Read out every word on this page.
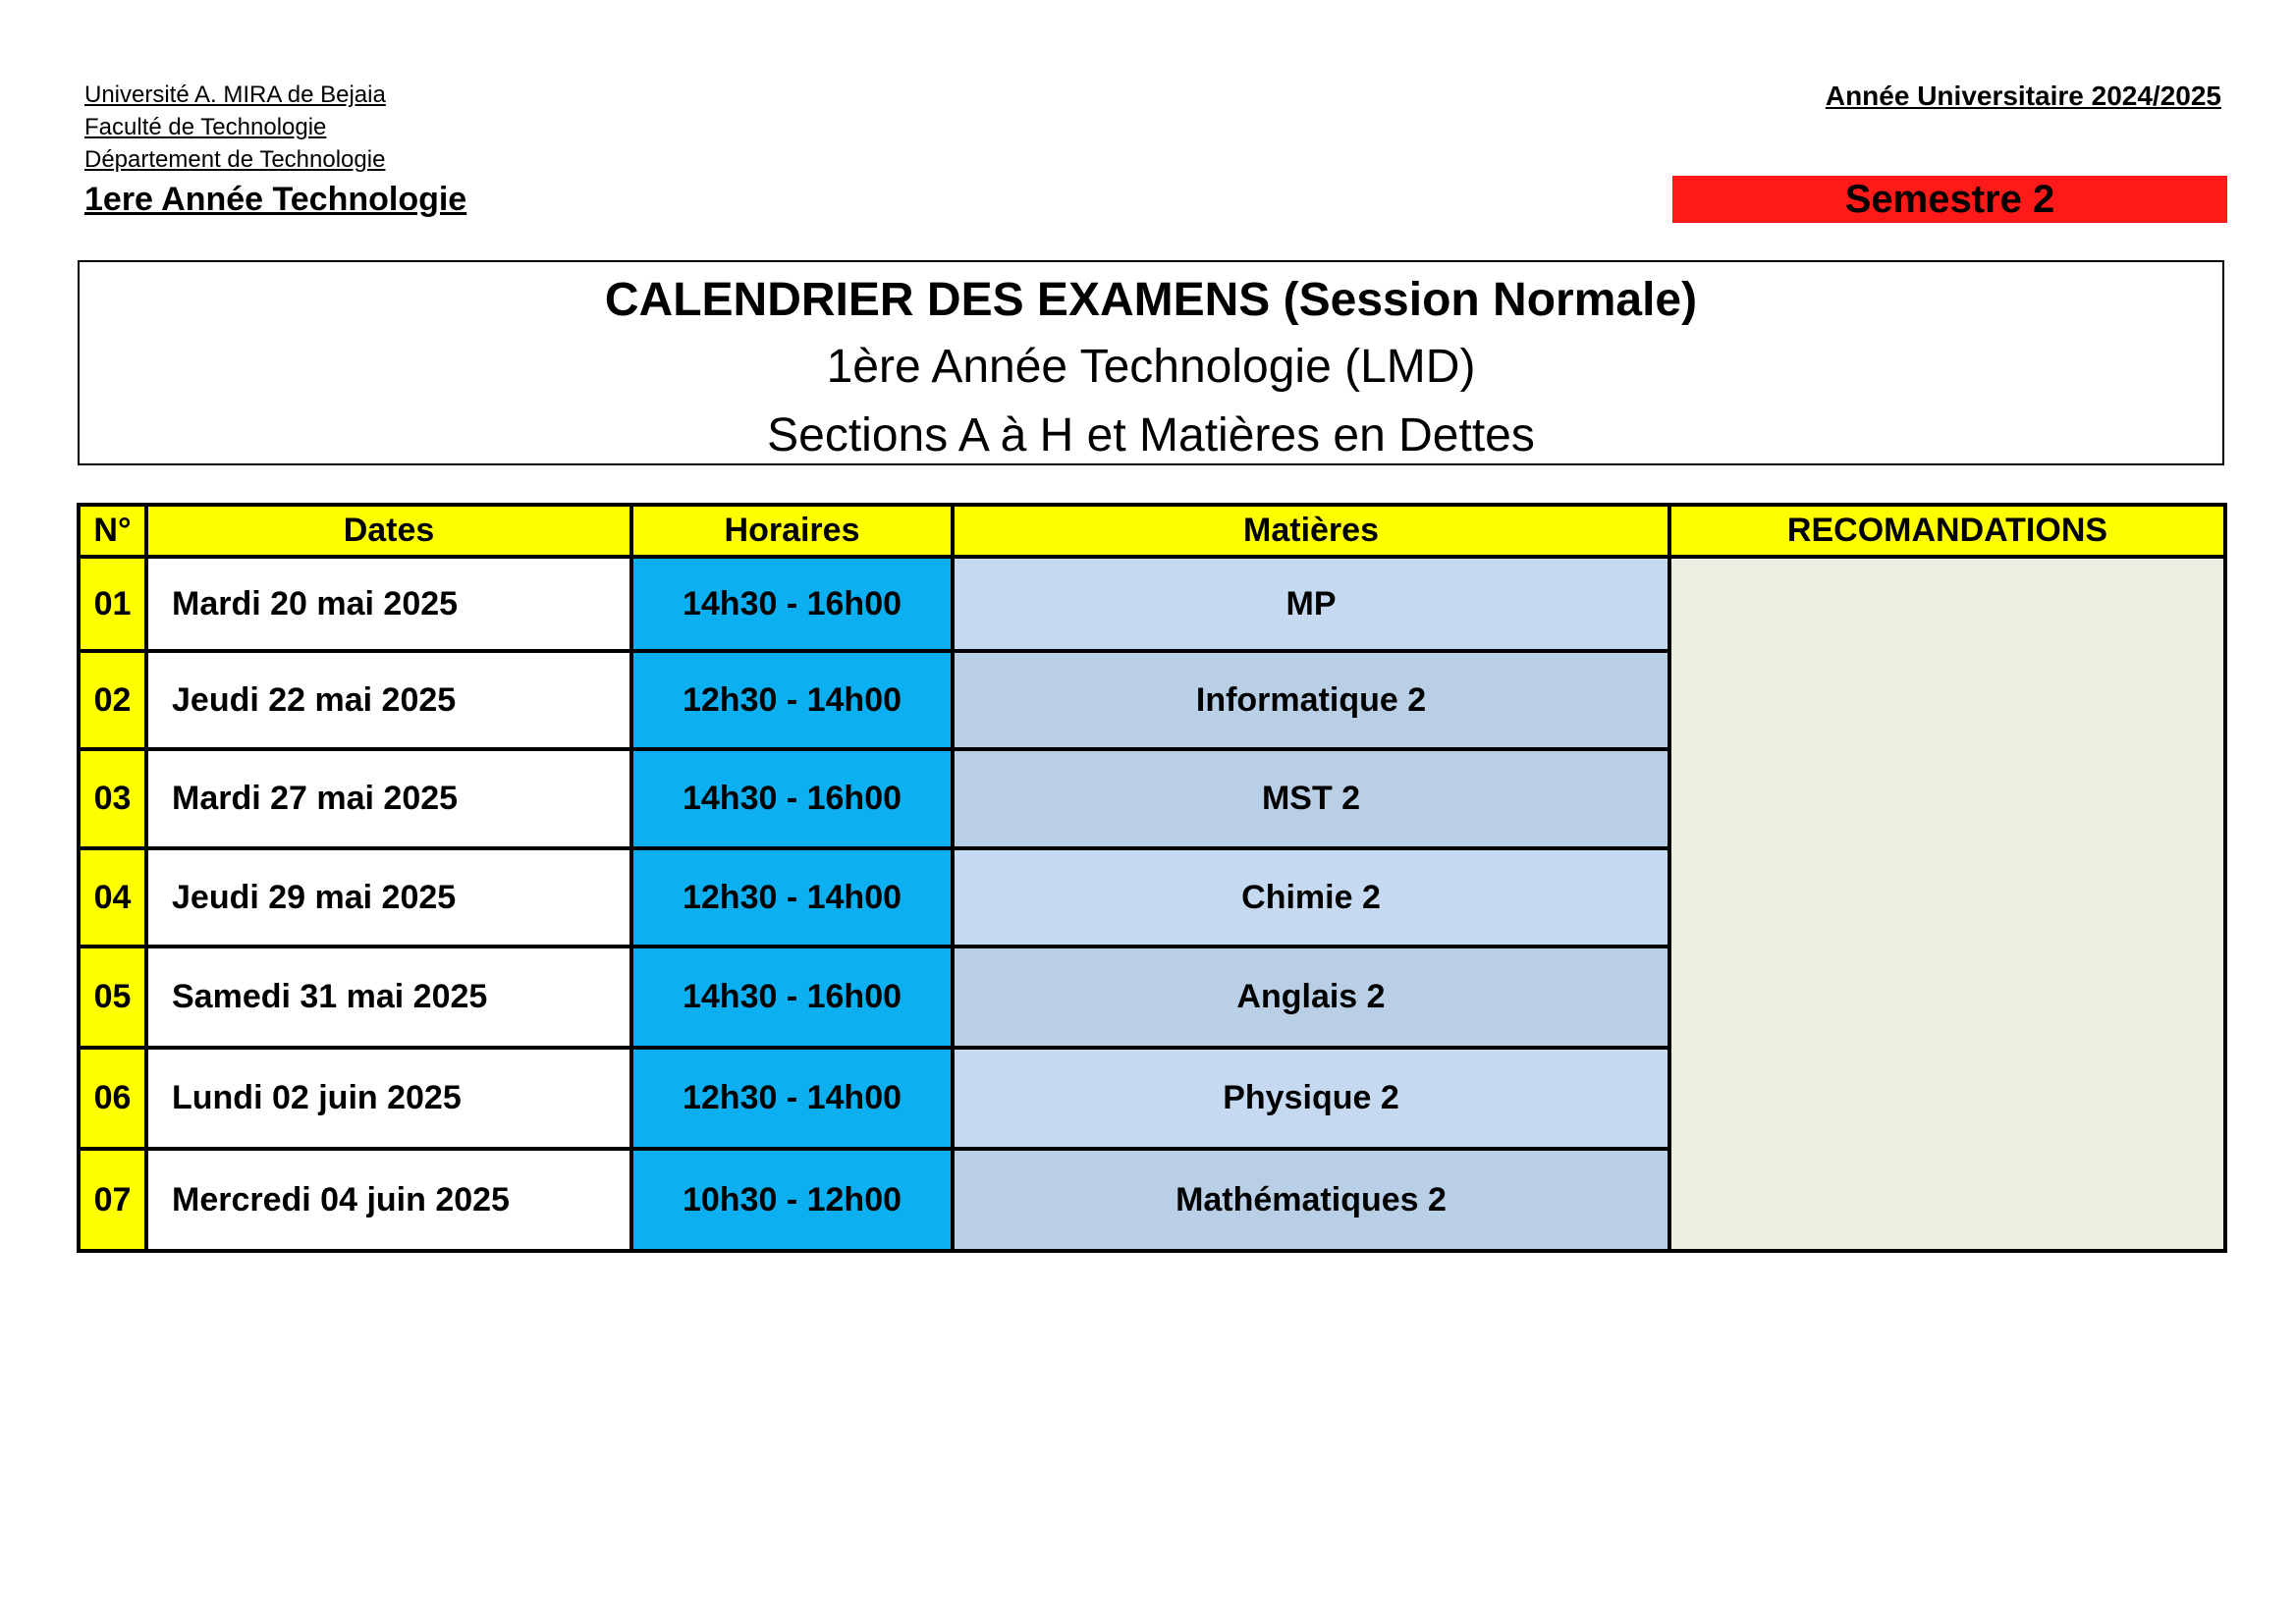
Université A. MIRA de Bejaia
Faculté de Technologie
Département de Technologie
1ere Année Technologie
Année Universitaire 2024/2025
Semestre 2
CALENDRIER DES EXAMENS (Session Normale)
1ère Année Technologie (LMD)
Sections A à H et Matières en Dettes
N°	Dates	Horaires	Matières	RECOMANDATIONS
01	Mardi 20 mai 2025	14h30 - 16h00	MP	
02	Jeudi 22 mai 2025	12h30 - 14h00	Informatique 2	
03	Mardi 27 mai 2025	14h30 - 16h00	MST 2	
04	Jeudi 29 mai 2025	12h30 - 14h00	Chimie 2	
05	Samedi 31 mai 2025	14h30 - 16h00	Anglais 2	
06	Lundi 02 juin 2025	12h30 - 14h00	Physique 2	
07	Mercredi 04 juin 2025	10h30 - 12h00	Mathématiques 2	
